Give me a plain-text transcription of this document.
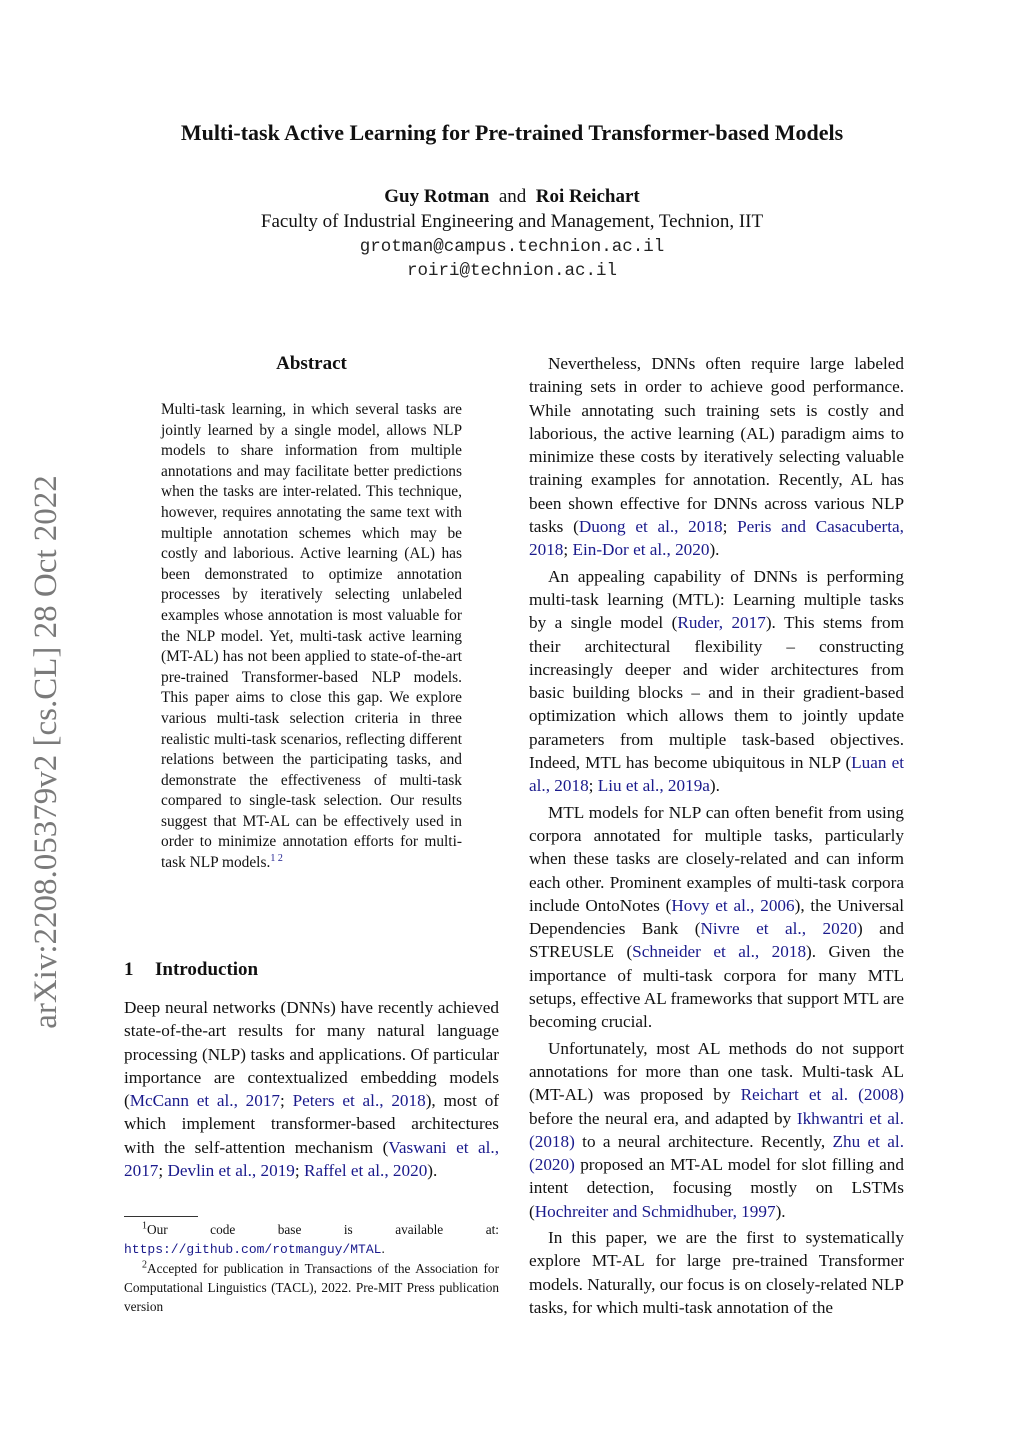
arXiv:2208.05379v2 [cs.CL] 28 Oct 2022
Multi-task Active Learning for Pre-trained Transformer-based Models
Guy Rotman and Roi Reichart
Faculty of Industrial Engineering and Management, Technion, IIT
grotman@campus.technion.ac.il
roiri@technion.ac.il
Abstract

Multi-task learning, in which several tasks are jointly learned by a single model, allows NLP models to share information from multiple annotations and may facilitate better predictions when the tasks are inter-related. This technique, however, requires annotating the same text with multiple annotation schemes which may be costly and laborious. Active learning (AL) has been demonstrated to optimize annotation processes by iteratively selecting unlabeled examples whose annotation is most valuable for the NLP model. Yet, multi-task active learning (MT-AL) has not been applied to state-of-the-art pre-trained Transformer-based NLP models. This paper aims to close this gap. We explore various multi-task selection criteria in three realistic multi-task scenarios, reflecting different relations between the participating tasks, and demonstrate the effectiveness of multi-task compared to single-task selection. Our results suggest that MT-AL can be effectively used in order to minimize annotation efforts for multi-task NLP models.$^{1 2}$

1 Introduction

Deep neural networks (DNNs) have recently achieved state-of-the-art results for many natural language processing (NLP) tasks and applications. Of particular importance are contextualized embedding models (McCann et al., 2017; Peters et al., 2018), most of which implement transformer-based architectures with the self-attention mechanism (Vaswani et al., 2017; Devlin et al., 2019; Raffel et al., 2020).

$^1$Our code base is available at: https://github.com/rotmanguy/MTAL.

$^2$Accepted for publication in Transactions of the Association for Computational Linguistics (TACL), 2022. Pre-MIT Press publication version

Nevertheless, DNNs often require large labeled training sets in order to achieve good performance. While annotating such training sets is costly and laborious, the active learning (AL) paradigm aims to minimize these costs by iteratively selecting valuable training examples for annotation. Recently, AL has been shown effective for DNNs across various NLP tasks (Duong et al., 2018; Peris and Casacuberta, 2018; Ein-Dor et al., 2020).

An appealing capability of DNNs is performing multi-task learning (MTL): Learning multiple tasks by a single model (Ruder, 2017). This stems from their architectural flexibility – constructing increasingly deeper and wider architectures from basic building blocks – and in their gradient-based optimization which allows them to jointly update parameters from multiple task-based objectives. Indeed, MTL has become ubiquitous in NLP (Luan et al., 2018; Liu et al., 2019a).

MTL models for NLP can often benefit from using corpora annotated for multiple tasks, particularly when these tasks are closely-related and can inform each other. Prominent examples of multi-task corpora include OntoNotes (Hovy et al., 2006), the Universal Dependencies Bank (Nivre et al., 2020) and STREUSLE (Schneider et al., 2018). Given the importance of multi-task corpora for many MTL setups, effective AL frameworks that support MTL are becoming crucial.

Unfortunately, most AL methods do not support annotations for more than one task. Multi-task AL (MT-AL) was proposed by Reichart et al. (2008) before the neural era, and adapted by Ikhwantri et al. (2018) to a neural architecture. Recently, Zhu et al. (2020) proposed an MT-AL model for slot filling and intent detection, focusing mostly on LSTMs (Hochreiter and Schmidhuber, 1997).

In this paper, we are the first to systematically explore MT-AL for large pre-trained Transformer models. Naturally, our focus is on closely-related NLP tasks, for which multi-task annotation of the
